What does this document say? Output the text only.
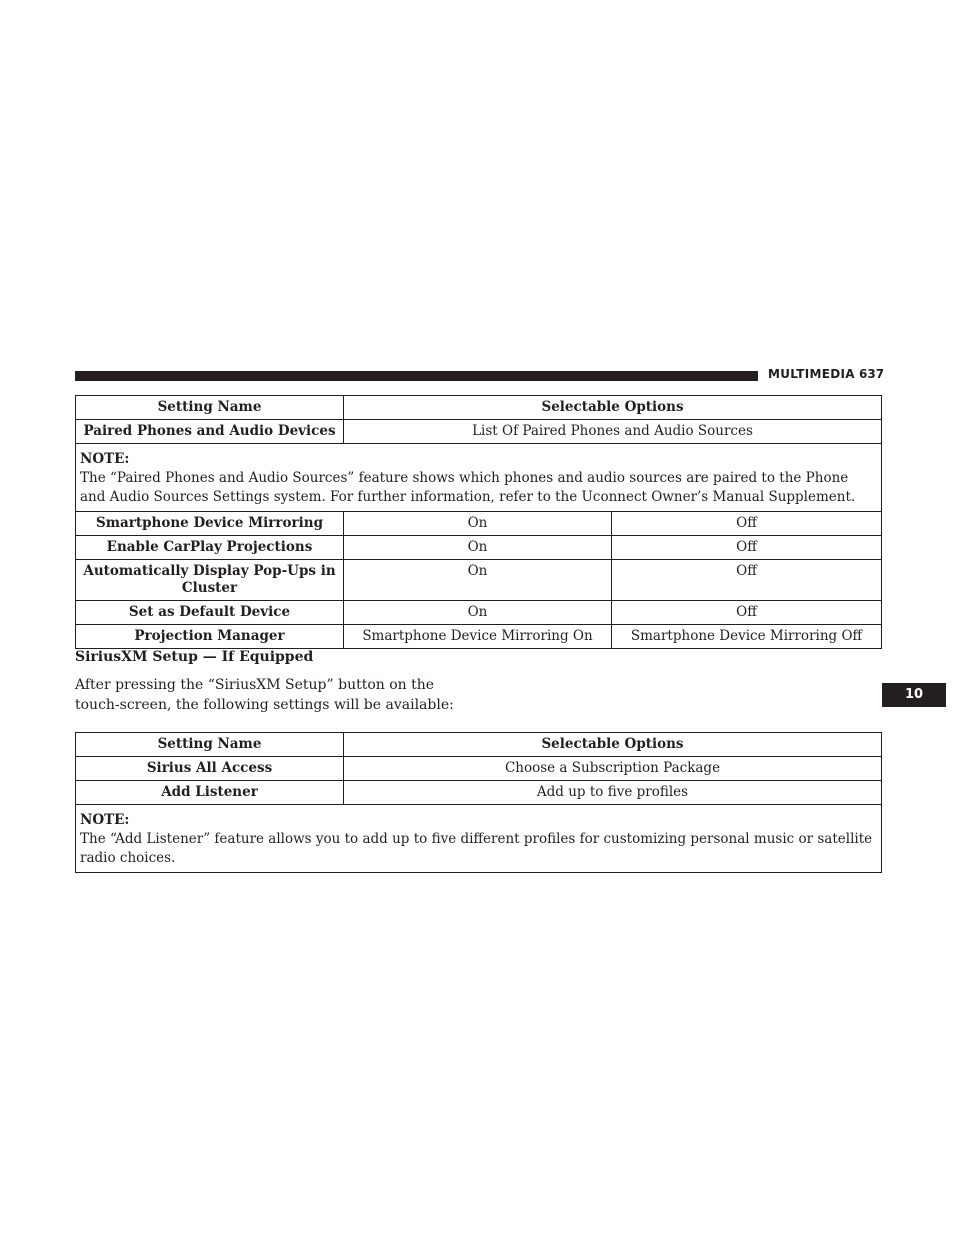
MULTIMEDIA 637
10
Setting Name	Selectable Options	
Paired Phones and Audio Devices	List Of Paired Phones and Audio Sources	

NOTE:
The “Paired Phones and Audio Sources” feature shows which phones and audio sources are paired to the Phone and Audio Sources Settings system. For further information, refer to the Uconnect Owner’s Manual Supplement.		
Smartphone Device Mirroring	On	Off
Enable CarPlay Projections	On	Off
Automatically Display Pop-Ups in Cluster	On	Off
Set as Default Device	On	Off
Projection Manager	Smartphone Device Mirroring On	Smartphone Device Mirroring Off
SiriusXM Setup — If Equipped
After pressing the “SiriusXM Setup” button on the touch-screen, the following settings will be available:
Setting Name	Selectable Options
Sirius All Access	Choose a Subscription Package
Add Listener	Add up to five profiles

NOTE:
The “Add Listener” feature allows you to add up to five different profiles for customizing personal music or satellite radio choices.	
